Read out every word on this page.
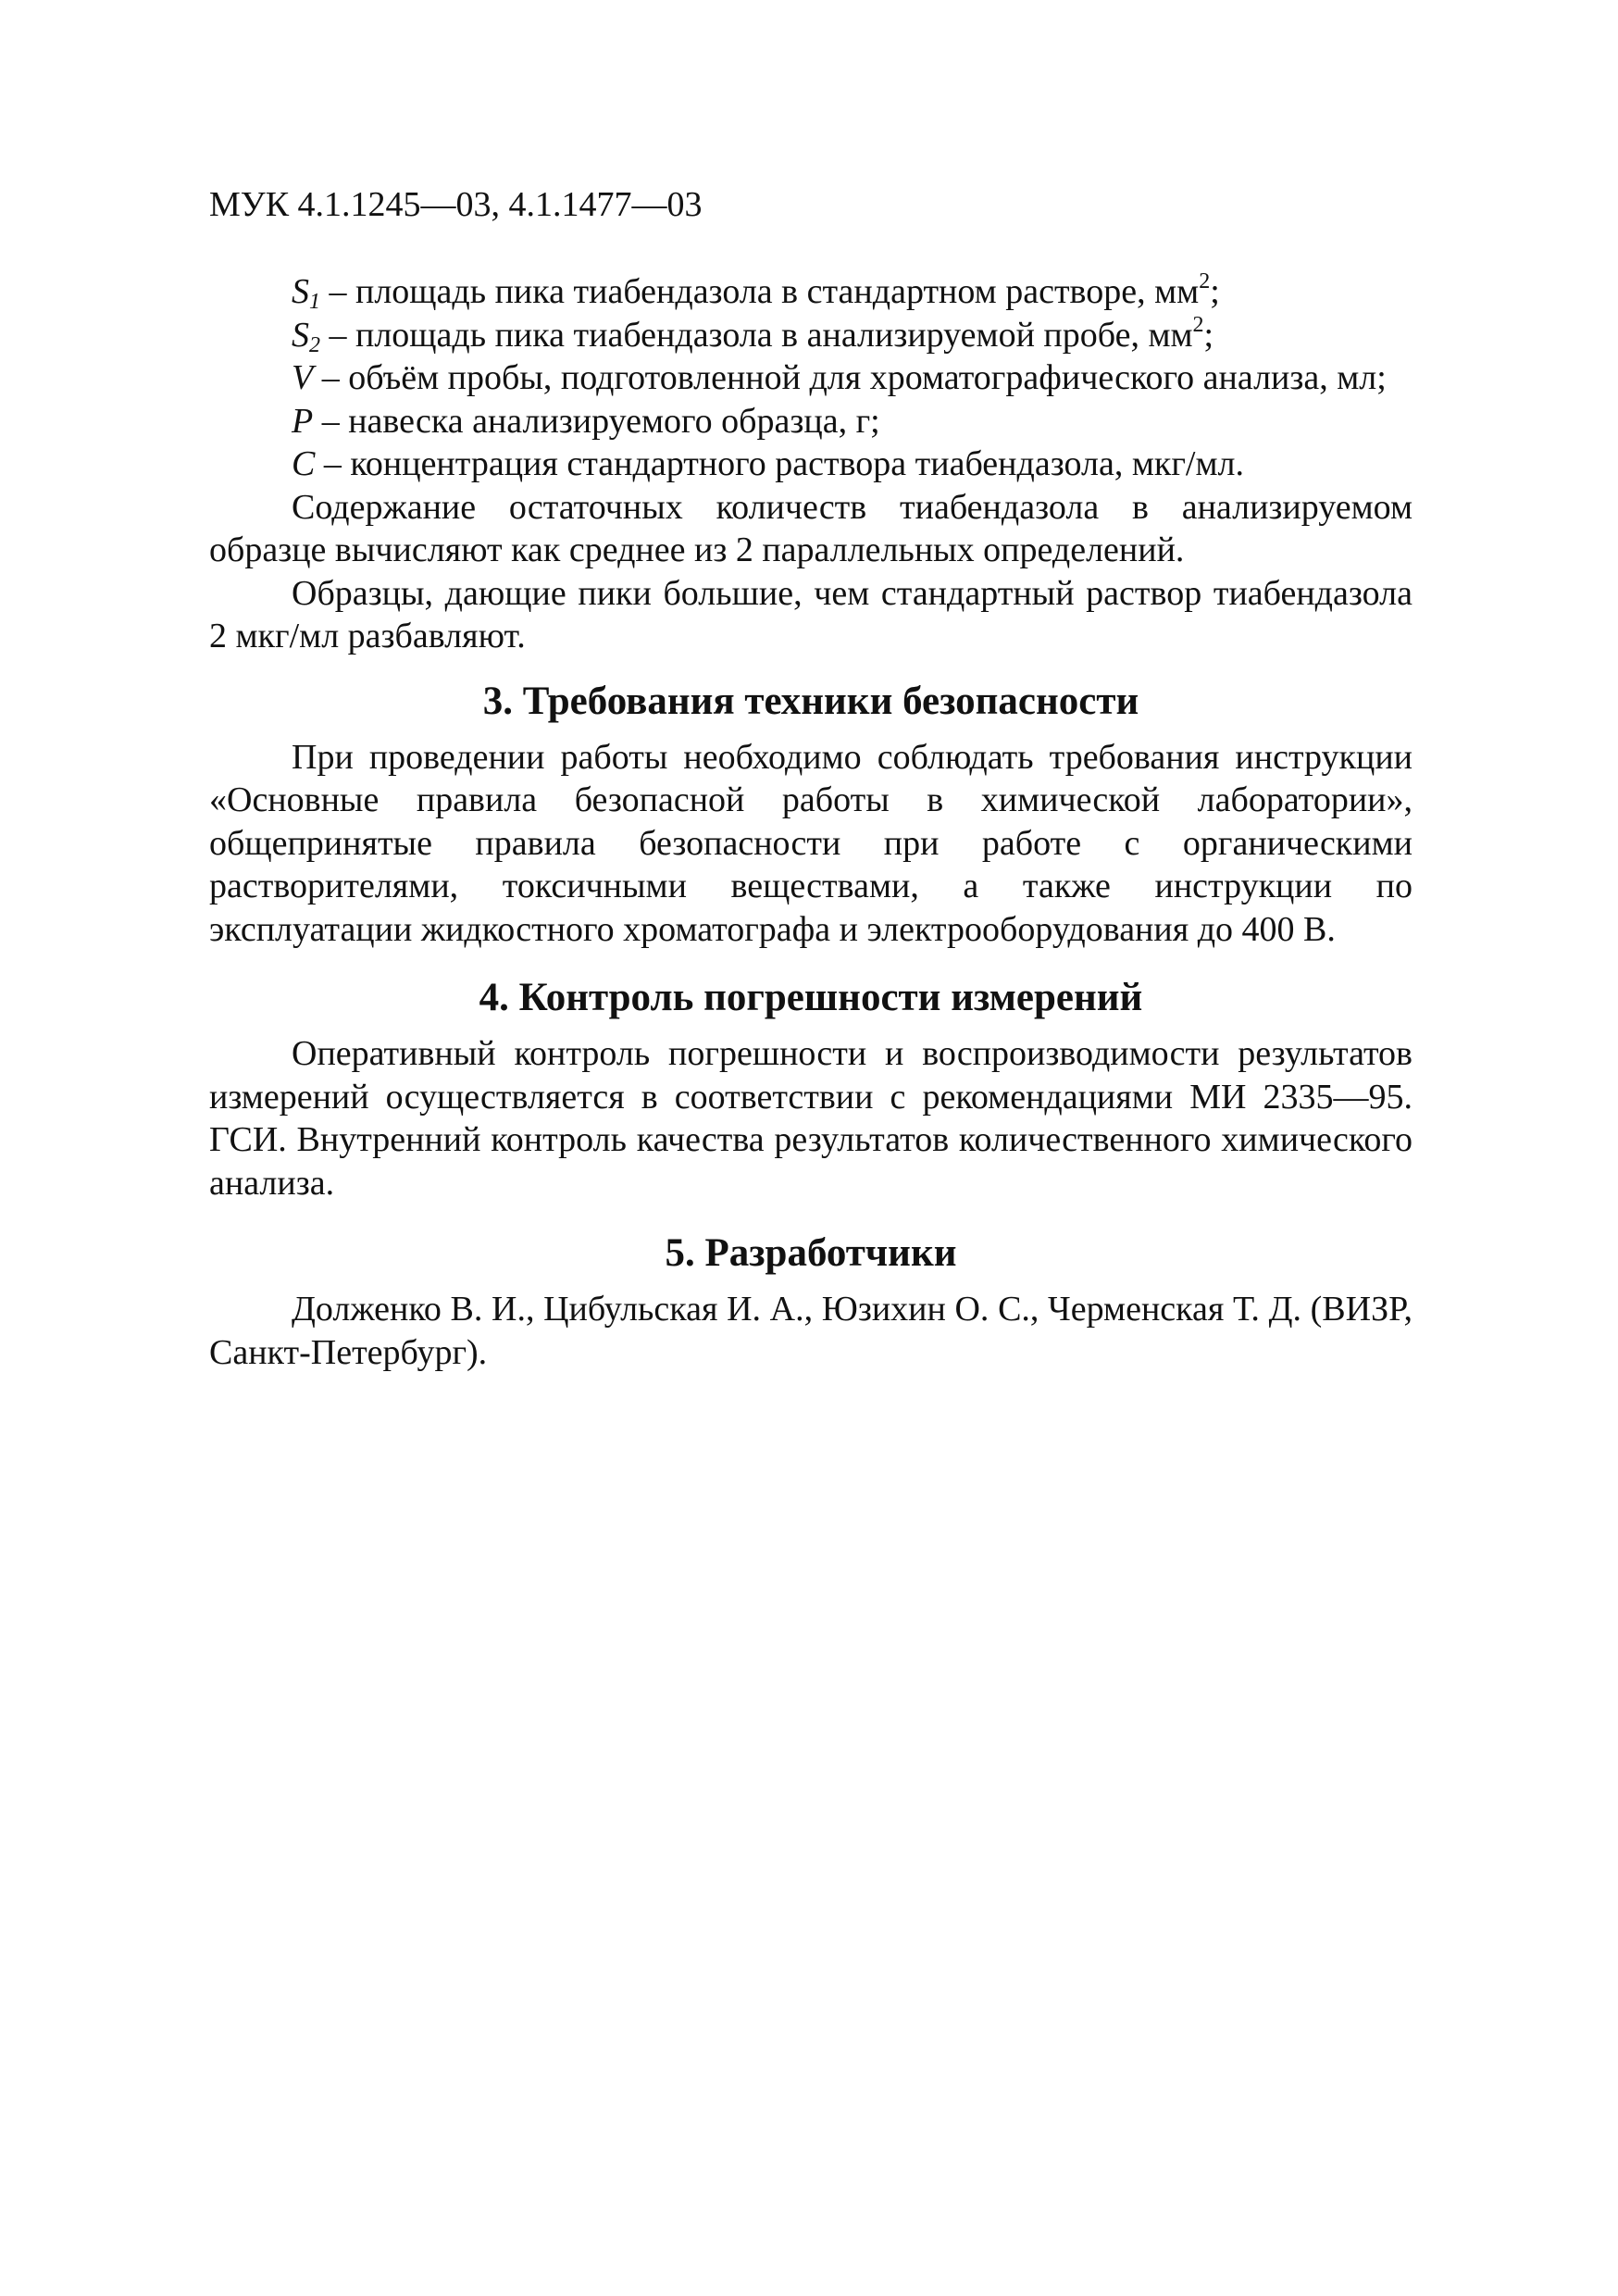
МУК 4.1.1245—03, 4.1.1477—03

$S_1$ – площадь пика тиабендазола в стандартном растворе, $мм^2$;

$S_2$ – площадь пика тиабендазола в анализируемой пробе, $мм^2$;

V – объём пробы, подготовленной для хроматографического анализа, мл;

P – навеска анализируемого образца, г;

C – концентрация стандартного раствора тиабендазола, мкг/мл.

Содержание остаточных количеств тиабендазола в анализируемом образце вычисляют как среднее из 2 параллельных определений.

Образцы, дающие пики большие, чем стандартный раствор тиабендазола 2 мкг/мл разбавляют.

3. Требования техники безопасности

При проведении работы необходимо соблюдать требования инструкции «Основные правила безопасной работы в химической лаборатории», общепринятые правила безопасности при работе с органическими растворителями, токсичными веществами, а также инструкции по эксплуатации жидкостного хроматографа и электрооборудования до 400 В.

4. Контроль погрешности измерений

Оперативный контроль погрешности и воспроизводимости результатов измерений осуществляется в соответствии с рекомендациями МИ 2335—95. ГСИ. Внутренний контроль качества результатов количественного химического анализа.

5. Разработчики

Долженко В. И., Цибульская И. А., Юзихин О. С., Черменская Т. Д. (ВИЗР, Санкт-Петербург).
